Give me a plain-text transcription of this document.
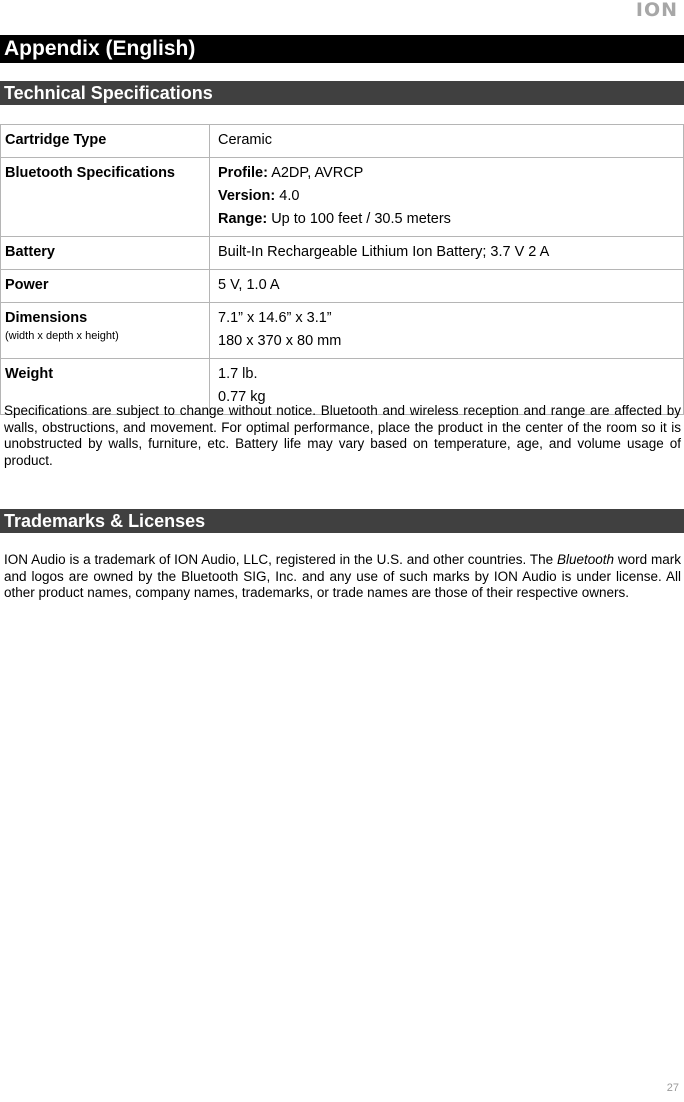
ION
Appendix (English)
Technical Specifications
Cartridge Type	Ceramic
Bluetooth Specifications	Profile: A2DP, AVRCP
Version: 4.0
Range: Up to 100 feet / 30.5 meters

Battery	Built-In Rechargeable Lithium Ion Battery; 3.7 V 2 A
Power	5 V, 1.0 A

Dimensions
(width x depth x height)	7.1” x 14.6” x 3.1”
180 x 370 x 80 mm

Weight	1.7 lb.
0.77 kg

Specifications are subject to change without notice. Bluetooth and wireless reception and range are affected by walls, obstructions, and movement. For optimal performance, place the product in the center of the room so it is unobstructed by walls, furniture, etc. Battery life may vary based on temperature, age, and volume usage of product.

Trademarks & Licenses

ION Audio is a trademark of ION Audio, LLC, registered in the U.S. and other countries. The Bluetooth word mark and logos are owned by the Bluetooth SIG, Inc. and any use of such marks by ION Audio is under license. All other product names, company names, trademarks, or trade names are those of their respective owners.

27
